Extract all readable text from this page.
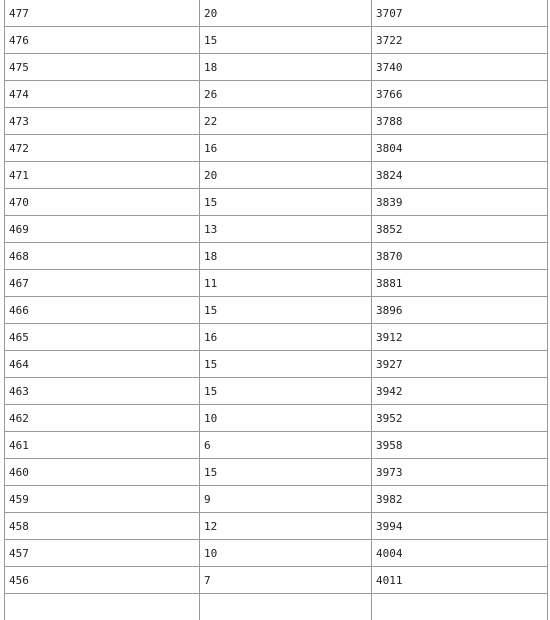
477	20	3707
476	15	3722
475	18	3740
474	26	3766
473	22	3788
472	16	3804
471	20	3824
470	15	3839
469	13	3852
468	18	3870
467	11	3881
466	15	3896
465	16	3912
464	15	3927
463	15	3942
462	10	3952
461	6	3958
460	15	3973
459	9	3982
458	12	3994
457	10	4004
456	7	4011
